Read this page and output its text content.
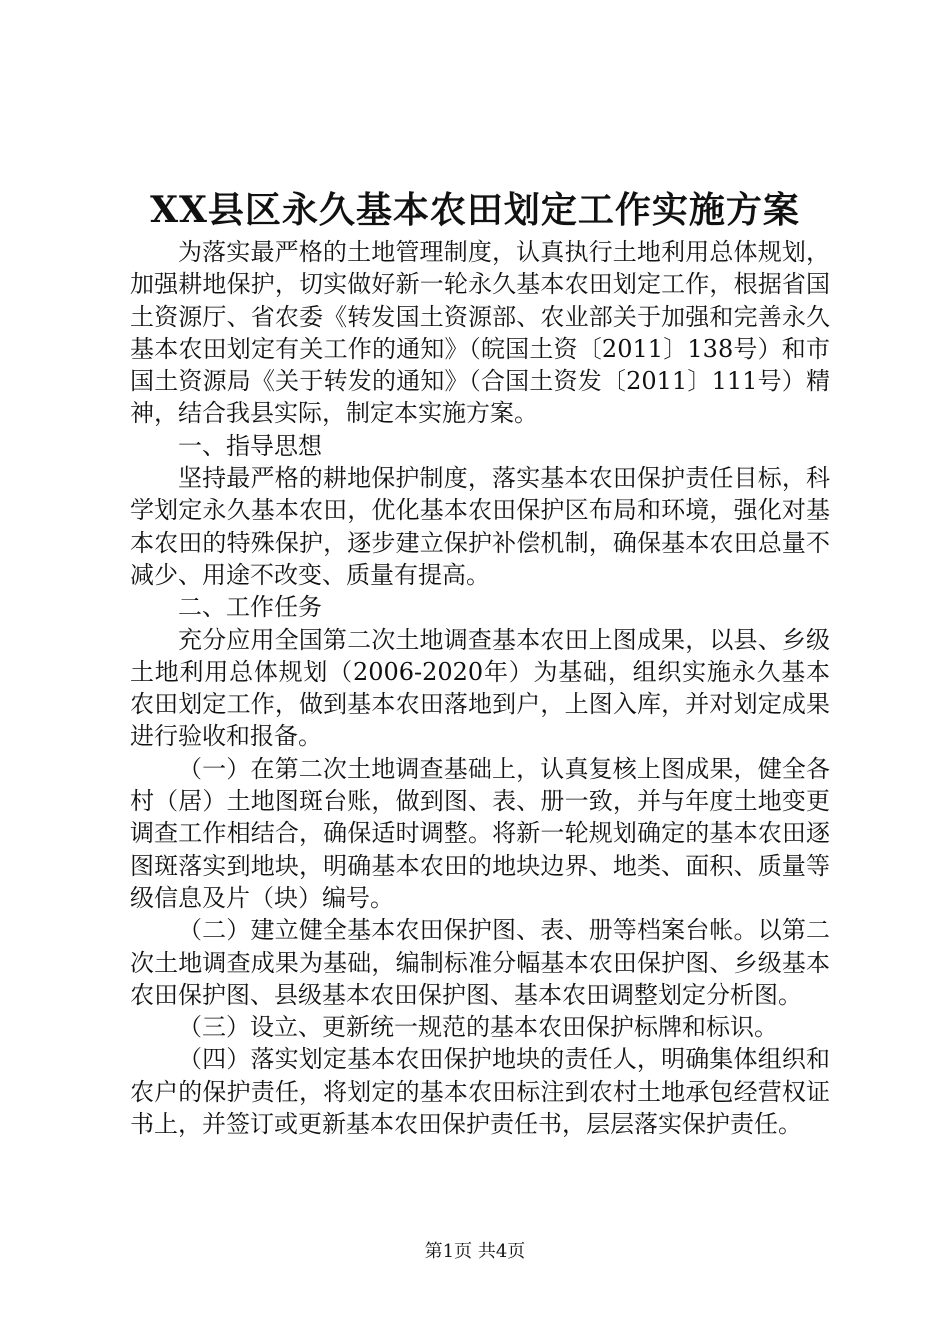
XX县区永久基本农田划定工作实施方案

为落实最严格的土地管理制度，认真执行土地利用总体规划，加强耕地保护，切实做好新一轮永久基本农田划定工作，根据省国土资源厅、省农委《转发国土资源部、农业部关于加强和完善永久基本农田划定有关工作的通知》（皖国土资〔2011〕138号）和市国土资源局《关于转发的通知》（合国土资发〔2011〕111号）精神，结合我县实际，制定本实施方案。

一、指导思想

坚持最严格的耕地保护制度，落实基本农田保护责任目标，科学划定永久基本农田，优化基本农田保护区布局和环境，强化对基本农田的特殊保护，逐步建立保护补偿机制，确保基本农田总量不减少、用途不改变、质量有提高。

二、工作任务

充分应用全国第二次土地调查基本农田上图成果，以县、乡级土地利用总体规划（2006-2020年）为基础，组织实施永久基本农田划定工作，做到基本农田落地到户，上图入库，并对划定成果进行验收和报备。

（一）在第二次土地调查基础上，认真复核上图成果，健全各村（居）土地图斑台账，做到图、表、册一致，并与年度土地变更调查工作相结合，确保适时调整。将新一轮规划确定的基本农田逐图斑落实到地块，明确基本农田的地块边界、地类、面积、质量等级信息及片（块）编号。

（二）建立健全基本农田保护图、表、册等档案台帐。以第二次土地调查成果为基础，编制标准分幅基本农田保护图、乡级基本农田保护图、县级基本农田保护图、基本农田调整划定分析图。

（三）设立、更新统一规范的基本农田保护标牌和标识。

（四）落实划定基本农田保护地块的责任人，明确集体组织和农户的保护责任，将划定的基本农田标注到农村土地承包经营权证书上，并签订或更新基本农田保护责任书，层层落实保护责任。

第1页 共4页
